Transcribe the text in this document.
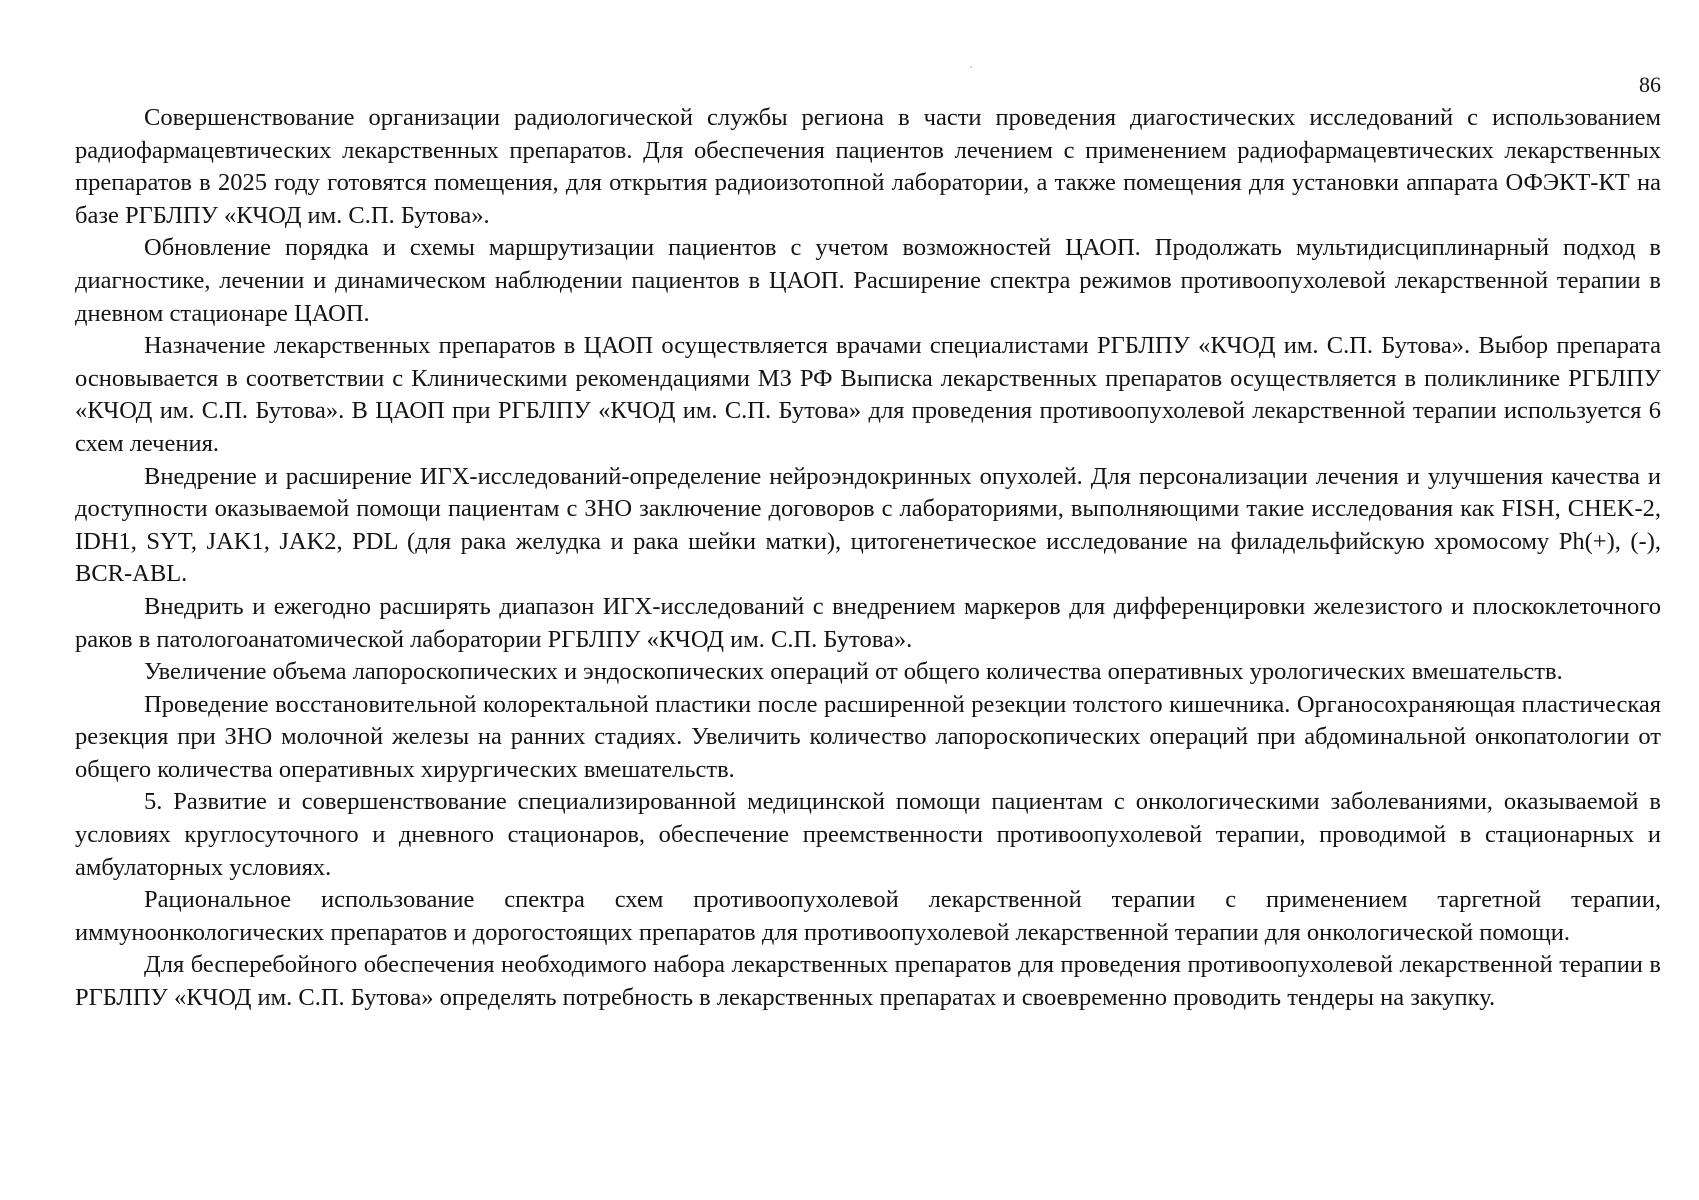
86

Совершенствование организации радиологической службы региона в части проведения диагостических исследований с использованием радиофармацевтических лекарственных препаратов. Для обеспечения пациентов лечением с применением радиофармацевтических лекарственных препаратов в 2025 году готовятся помещения, для открытия радиоизотопной лаборатории, а также помещения для установки аппарата ОФЭКТ-КТ на базе РГБЛПУ «КЧОД им. С.П. Бутова».

Обновление порядка и схемы маршрутизации пациентов с учетом возможностей ЦАОП. Продолжать мультидисциплинарный подход в диагностике, лечении и динамическом наблюдении пациентов в ЦАОП. Расширение спектра режимов противоопухолевой лекарственной терапии в дневном стационаре ЦАОП.

Назначение лекарственных препаратов в ЦАОП осуществляется врачами специалистами РГБЛПУ «КЧОД им. С.П. Бутова». Выбор препарата основывается в соответствии с Клиническими рекомендациями МЗ РФ Выписка лекарственных препаратов осуществляется в поликлинике РГБЛПУ «КЧОД им. С.П. Бутова». В ЦАОП при РГБЛПУ «КЧОД им. С.П. Бутова» для проведения противоопухолевой лекарственной терапии используется 6 схем лечения.

Внедрение и расширение ИГХ-исследований-определение нейроэндокринных опухолей. Для персонализации лечения и улучшения качества и доступности оказываемой помощи пациентам с ЗНО заключение договоров с лабораториями, выполняющими такие исследования как FISH, CHEK-2, IDH1, SYT, JAK1, JAK2, PDL (для рака желудка и рака шейки матки), цитогенетическое исследование на филадельфийскую хромосому Ph(+), (-), BCR-ABL.

Внедрить и ежегодно расширять диапазон ИГХ-исследований с внедрением маркеров для дифференцировки железистого и плоскоклеточного раков в патологоанатомической лаборатории РГБЛПУ «КЧОД им. С.П. Бутова».

Увеличение объема лапороскопических и эндоскопических операций от общего количества оперативных урологических вмешательств.

Проведение восстановительной колоректальной пластики после расширенной резекции толстого кишечника. Органосохраняющая пластическая резекция при ЗНО молочной железы на ранних стадиях. Увеличить количество лапороскопических операций при абдоминальной онкопатологии от общего количества оперативных хирургических вмешательств.

5. Развитие и совершенствование специализированной медицинской помощи пациентам с онкологическими заболеваниями, оказываемой в условиях круглосуточного и дневного стационаров, обеспечение преемственности противоопухолевой терапии, проводимой в стационарных и амбулаторных условиях.

Рациональное использование спектра схем противоопухолевой лекарственной терапии с применением таргетной терапии, иммуноонкологических препаратов и дорогостоящих препаратов для противоопухолевой лекарственной терапии для онкологической помощи.

Для бесперебойного обеспечения необходимого набора лекарственных препаратов для проведения противоопухолевой лекарственной терапии в РГБЛПУ «КЧОД им. С.П. Бутова» определять потребность в лекарственных препаратах и своевременно проводить тендеры на закупку.
